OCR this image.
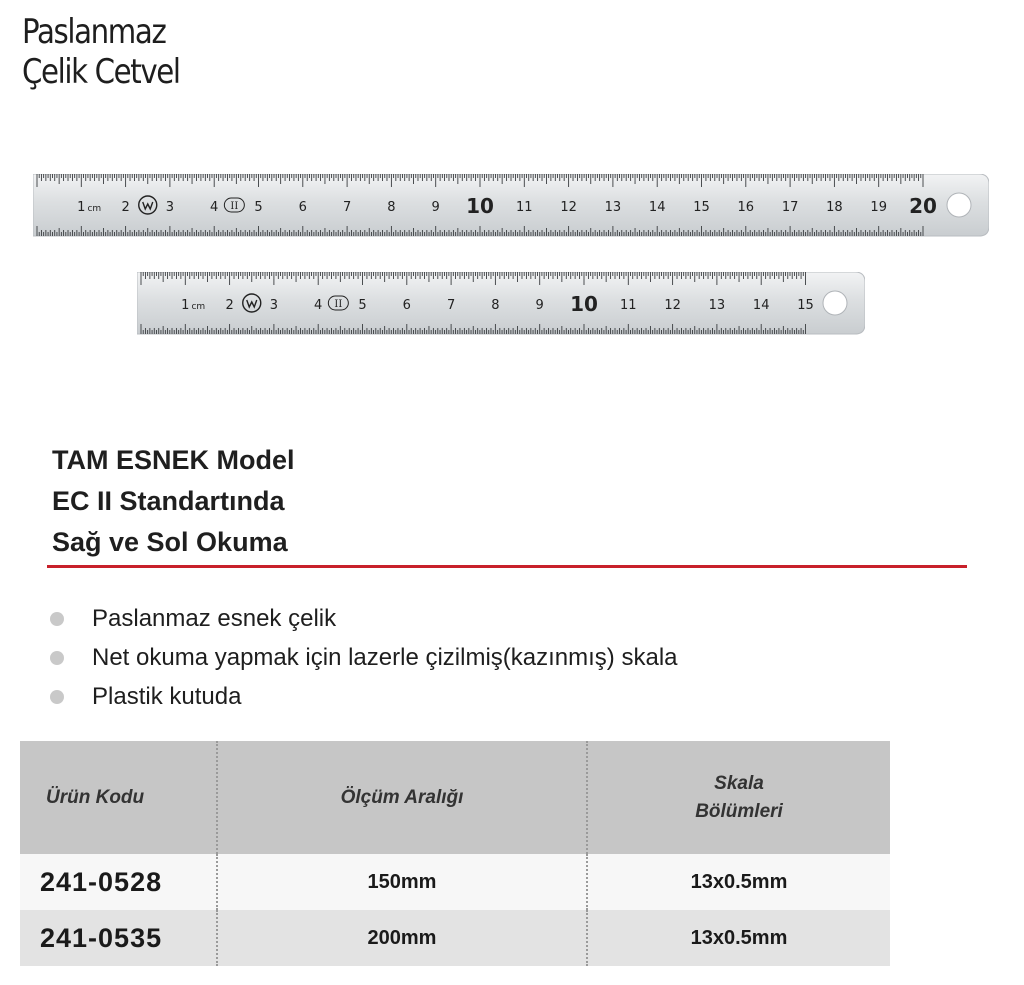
Paslanmaz
Çelik Cetvel
1 cm 2	3	4	5	6	7	8	9 10 11 12 13 14 15 16 17 18 19 20
II
1 cm 2	3	4	5	6	7	8	9 10 11 12 13 14 15
II
TAM ESNEK Model
EC II Standartında
Sağ ve Sol Okuma
Paslanmaz esnek çelik
Net okuma yapmak için lazerle çizilmiş(kazınmış) skala
Plastik kutuda
Ürün Kodu	Ölçüm Aralığı	Skala
Bölümleri

241-0528	150mm	13x0.5mm
241-0535	200mm	13x0.5mm
